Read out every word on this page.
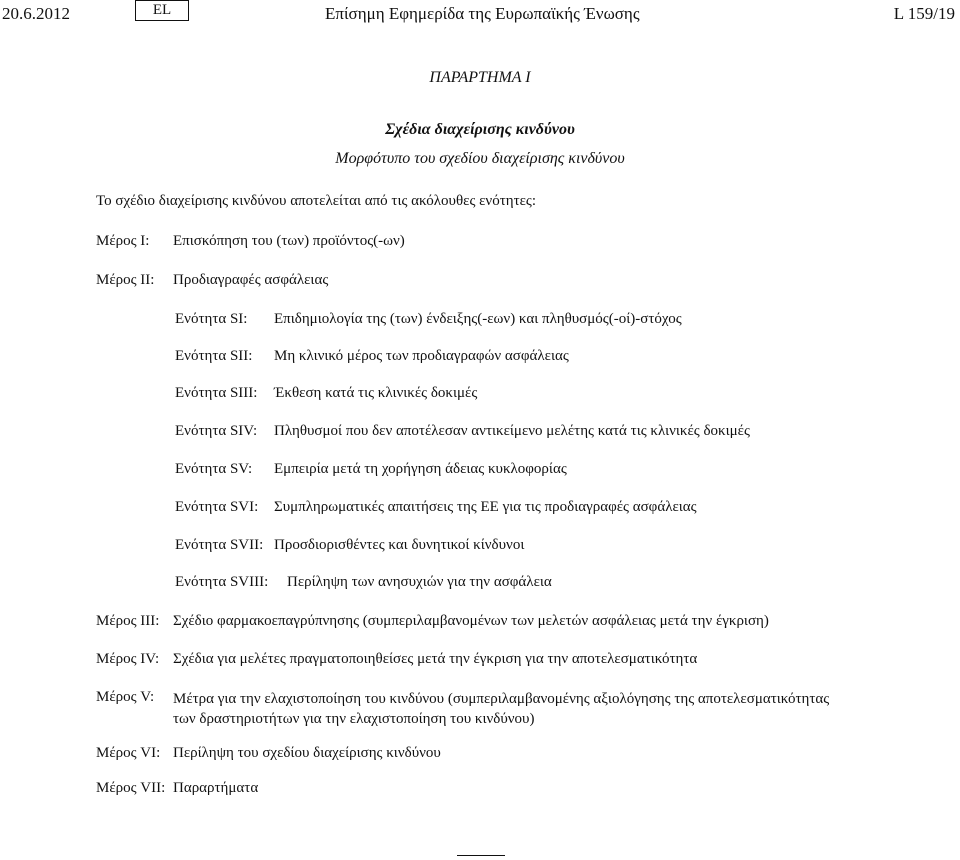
20.6.2012	EL	Επίσημη Εφημερίδα της Ευρωπαϊκής Ένωσης	L 159/19
ΠΑΡΑΡΤΗΜΑ I
Σχέδια διαχείρισης κινδύνου
Μορφότυπο του σχεδίου διαχείρισης κινδύνου
Το σχέδιο διαχείρισης κινδύνου αποτελείται από τις ακόλουθες ενότητες:
Μέρος I: Επισκόπηση του (των) προϊόντος(-ων)
Μέρος II: Προδιαγραφές ασφάλειας
Ενότητα SI: Επιδημιολογία της (των) ένδειξης(-εων) και πληθυσμός(-οί)-στόχος
Ενότητα SII: Μη κλινικό μέρος των προδιαγραφών ασφάλειας
Ενότητα SIII: Έκθεση κατά τις κλινικές δοκιμές
Ενότητα SIV: Πληθυσμοί που δεν αποτέλεσαν αντικείμενο μελέτης κατά τις κλινικές δοκιμές
Ενότητα SV: Εμπειρία μετά τη χορήγηση άδειας κυκλοφορίας
Ενότητα SVI: Συμπληρωματικές απαιτήσεις της ΕΕ για τις προδιαγραφές ασφάλειας
Ενότητα SVII: Προσδιορισθέντες και δυνητικοί κίνδυνοι
Ενότητα SVIII: Περίληψη των ανησυχιών για την ασφάλεια
Μέρος III: Σχέδιο φαρμακοεπαγρύπνησης (συμπεριλαμβανομένων των μελετών ασφάλειας μετά την έγκριση)
Μέρος IV: Σχέδια για μελέτες πραγματοποιηθείσες μετά την έγκριση για την αποτελεσματικότητα
Μέρος V: Μέτρα για την ελαχιστοποίηση του κινδύνου (συμπεριλαμβανομένης αξιολόγησης της αποτελεσματικότητας των δραστηριοτήτων για την ελαχιστοποίηση του κινδύνου)
Μέρος VI: Περίληψη του σχεδίου διαχείρισης κινδύνου
Μέρος VII: Παραρτήματα
